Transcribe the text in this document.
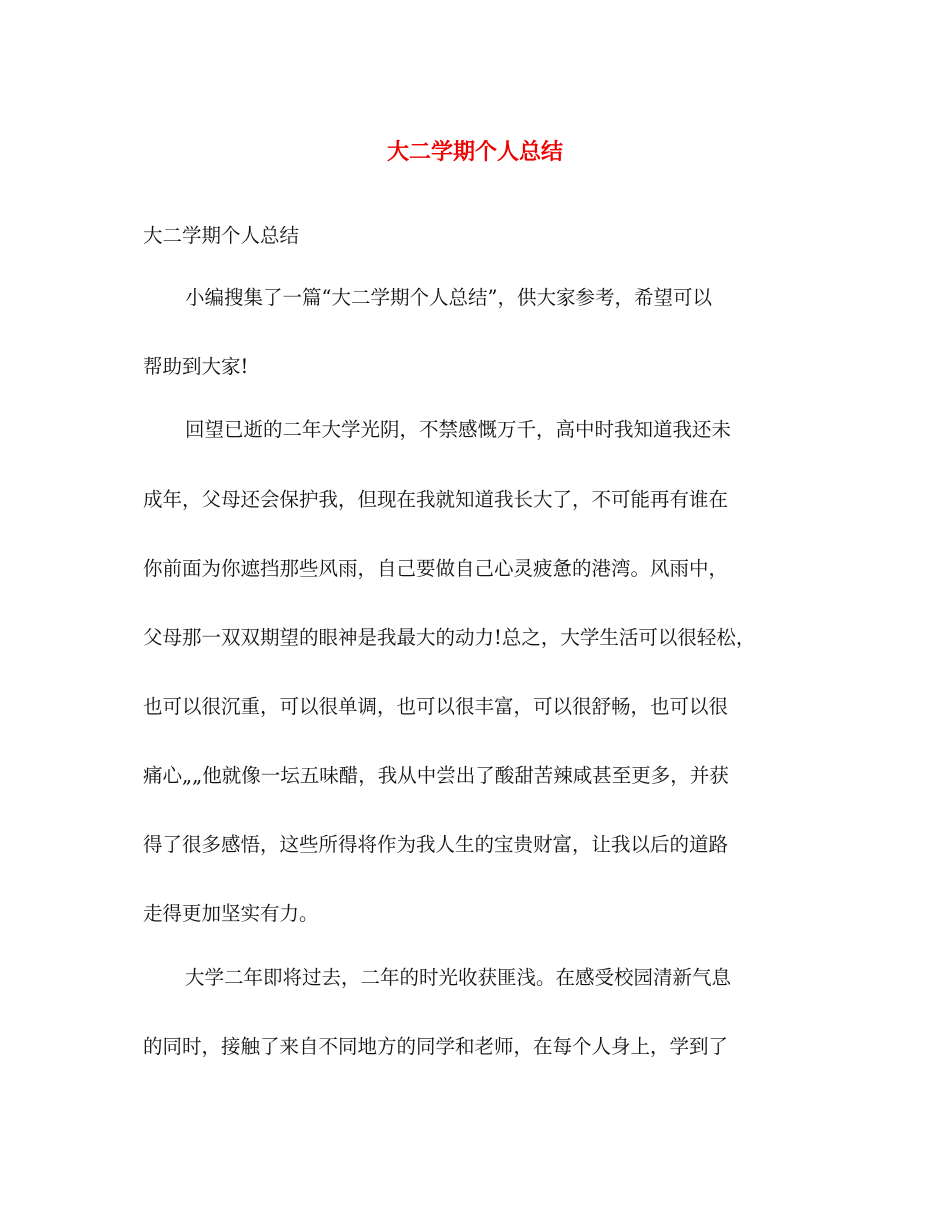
大二学期个人总结

大二学期个人总结

小编搜集了一篇“大二学期个人总结”，供大家参考，希望可以

帮助到大家!

回望已逝的二年大学光阴，不禁感慨万千，高中时我知道我还未

成年，父母还会保护我，但现在我就知道我长大了，不可能再有谁在

你前面为你遮挡那些风雨，自己要做自己心灵疲惫的港湾。风雨中，

父母那一双双期望的眼神是我最大的动力!总之，大学生活可以很轻松，

也可以很沉重，可以很单调，也可以很丰富，可以很舒畅，也可以很

痛心„„他就像一坛五味醋，我从中尝出了酸甜苦辣咸甚至更多，并获

得了很多感悟，这些所得将作为我人生的宝贵财富，让我以后的道路

走得更加坚实有力。

大学二年即将过去，二年的时光收获匪浅。在感受校园清新气息

的同时，接触了来自不同地方的同学和老师，在每个人身上，学到了
